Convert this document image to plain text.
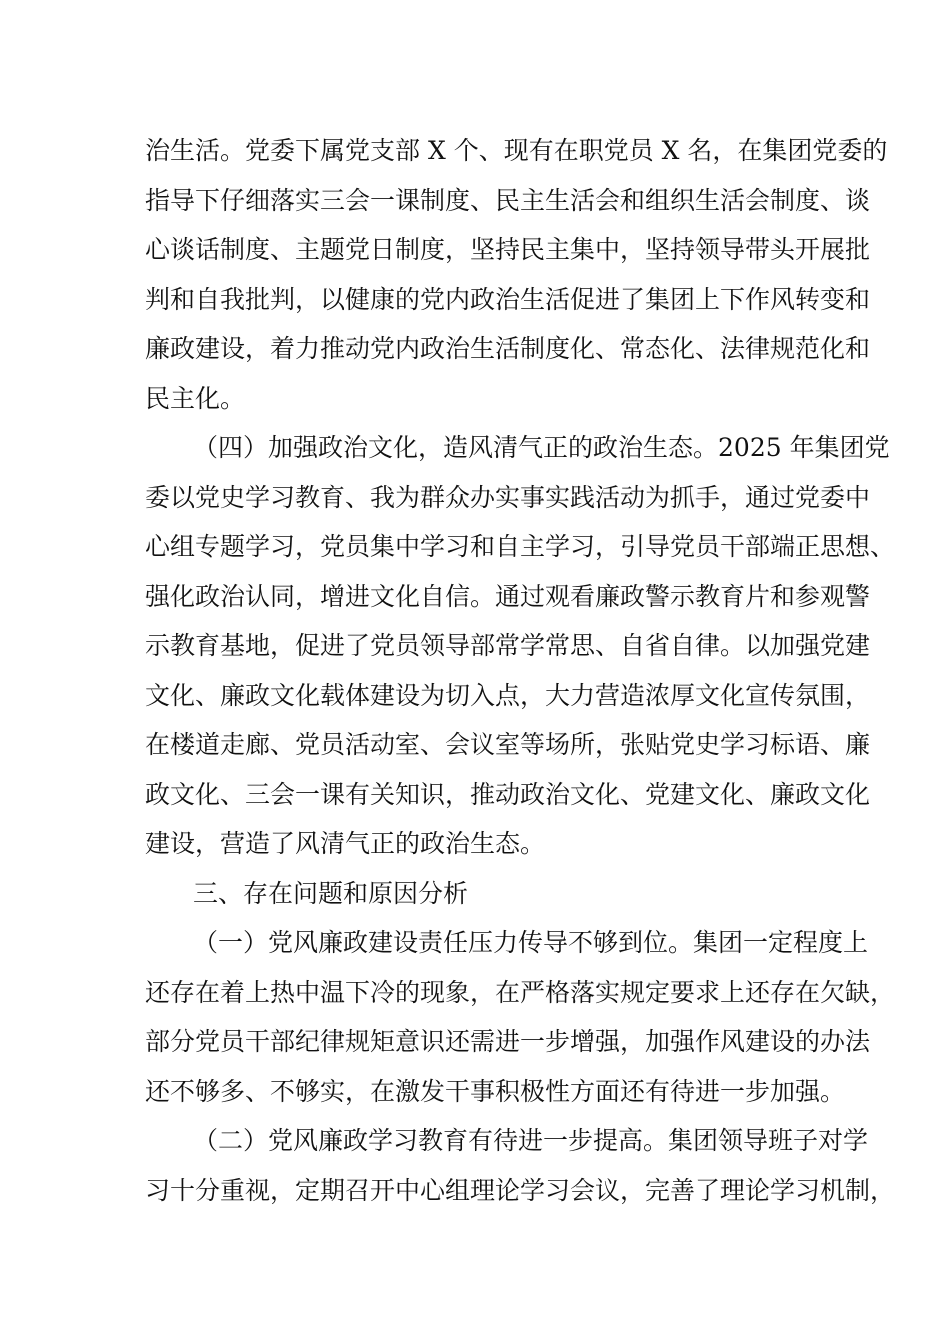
治生活。党委下属党支部 X 个、现有在职党员 X 名，在集团党委的
指导下仔细落实三会一课制度、民主生活会和组织生活会制度、谈
心谈话制度、主题党日制度，坚持民主集中，坚持领导带头开展批
判和自我批判，以健康的党内政治生活促进了集团上下作风转变和
廉政建设，着力推动党内政治生活制度化、常态化、法律规范化和
民主化。
（四）加强政治文化，造风清气正的政治生态。2025 年集团党
委以党史学习教育、我为群众办实事实践活动为抓手，通过党委中
心组专题学习，党员集中学习和自主学习，引导党员干部端正思想、
强化政治认同，增进文化自信。通过观看廉政警示教育片和参观警
示教育基地，促进了党员领导部常学常思、自省自律。以加强党建
文化、廉政文化载体建设为切入点，大力营造浓厚文化宣传氛围，
在楼道走廊、党员活动室、会议室等场所，张贴党史学习标语、廉
政文化、三会一课有关知识，推动政治文化、党建文化、廉政文化
建设，营造了风清气正的政治生态。
三、存在问题和原因分析
（一）党风廉政建设责任压力传导不够到位。集团一定程度上
还存在着上热中温下冷的现象，在严格落实规定要求上还存在欠缺，
部分党员干部纪律规矩意识还需进一步增强，加强作风建设的办法
还不够多、不够实，在激发干事积极性方面还有待进一步加强。
（二）党风廉政学习教育有待进一步提高。集团领导班子对学
习十分重视，定期召开中心组理论学习会议，完善了理论学习机制，
